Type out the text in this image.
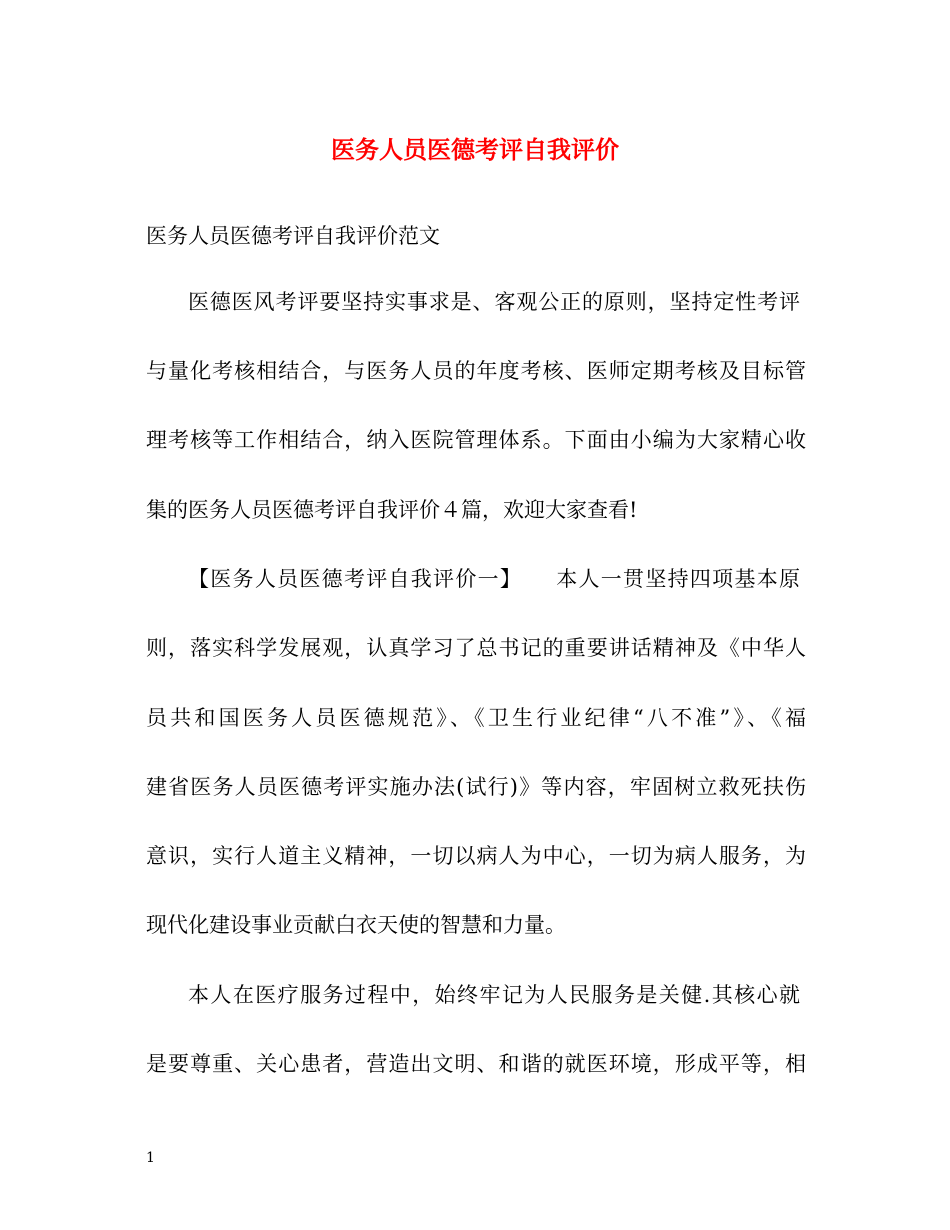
医务人员医德考评自我评价

医务人员医德考评自我评价范文

医德医风考评要坚持实事求是、客观公正的原则，坚持定性考评

与量化考核相结合，与医务人员的年度考核、医师定期考核及目标管

理考核等工作相结合，纳入医院管理体系。下面由小编为大家精心收

集的医务人员医德考评自我评价４篇，欢迎大家查看!

【医务人员医德考评自我评价一】　　本人一贯坚持四项基本原

则，落实科学发展观，认真学习了总书记的重要讲话精神及《中华人

员共和国医务人员医德规范》、《卫生行业纪律“八不准”》、《福

建省医务人员医德考评实施办法(试行)》等内容，牢固树立救死扶伤

意识，实行人道主义精神，一切以病人为中心，一切为病人服务，为

现代化建设事业贡献白衣天使的智慧和力量。

本人在医疗服务过程中，始终牢记为人民服务是关健.其核心就

是要尊重、关心患者，营造出文明、和谐的就医环境，形成平等，相

1
